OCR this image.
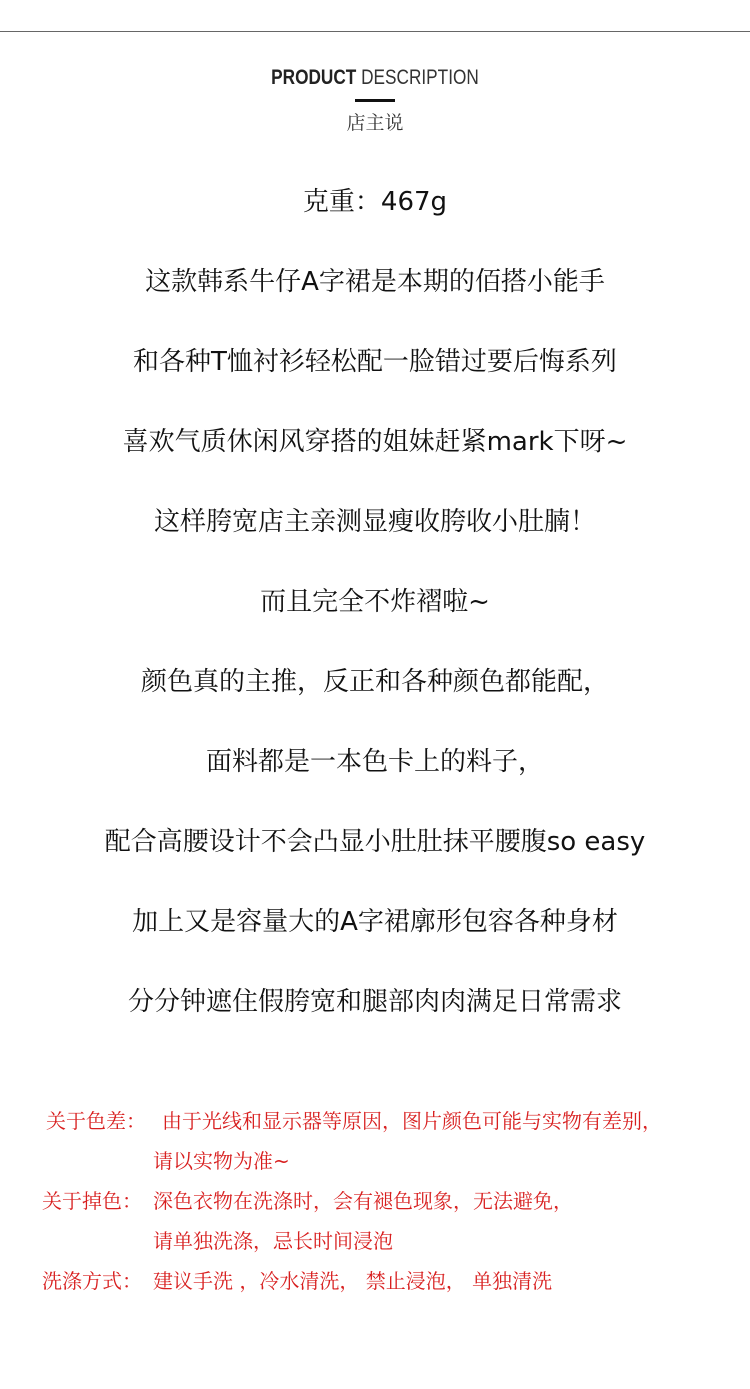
PRODUCT DESCRIPTION
店主说
克重：467g
这款韩系牛仔A字裙是本期的佰搭小能手
和各种T恤衬衫轻松配一脸错过要后悔系列
喜欢气质休闲风穿搭的姐妹赶紧mark下呀~
这样胯宽店主亲测显瘦收胯收小肚腩！
而且完全不炸褶啦~
颜色真的主推，反正和各种颜色都能配，
面料都是一本色卡上的料子，
配合高腰设计不会凸显小肚肚抹平腰腹so easy
加上又是容量大的A字裙廓形包容各种身材
分分钟遮住假胯宽和腿部肉肉满足日常需求
关于色差： 由于光线和显示器等原因，图片颜色可能与实物有差别，
请以实物为准~
关于掉色： 深色衣物在洗涤时，会有褪色现象，无法避免，
请单独洗涤，忌长时间浸泡
洗涤方式： 建议手洗 ，冷水清洗， 禁止浸泡， 单独清洗
